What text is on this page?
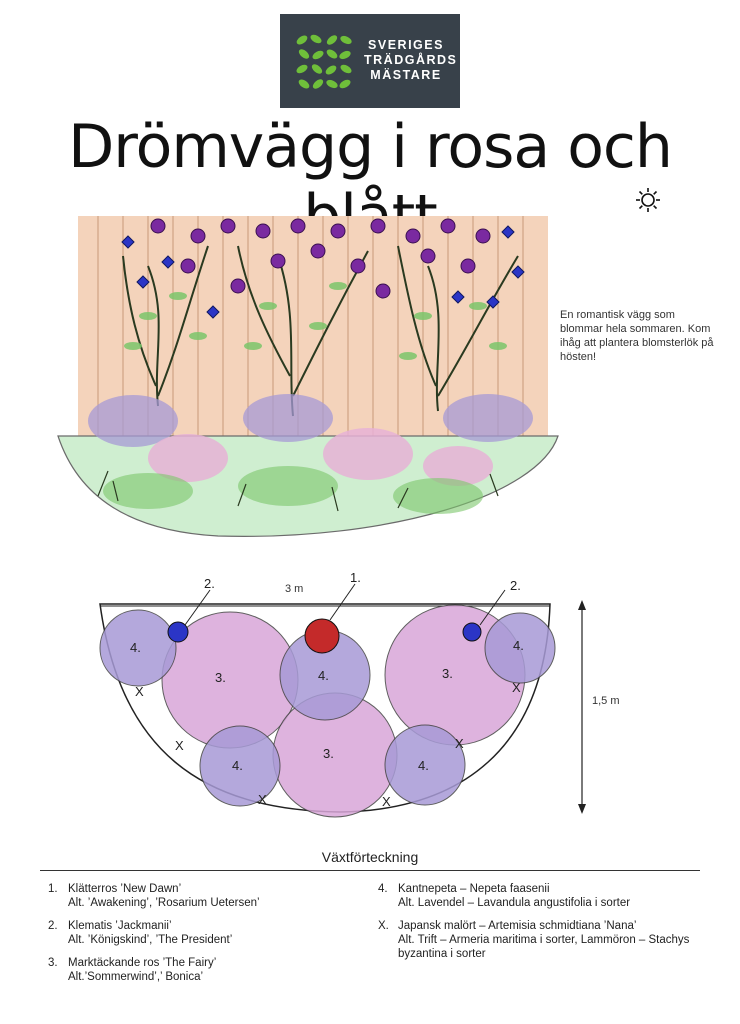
SVERIGES
TRÄDGÅRDS
MÄSTARE
Drömvägg i rosa och
En romantisk vägg som blommar hela sommaren. Kom ihåg att plantera blomsterlök på hösten!
3 m
1,5 m
2.	1.
2.
4.
3.	4.	3.
4.
4.
3.
4.
X
X
X	X
X
X
Växtförteckning
1. Klätterros ’New Dawn’
Alt. ’Awakening’, ’Rosarium Uetersen’
2. Klematis ’Jackmanii’
Alt. ’Königskind’, ’The President’
3. Marktäckande ros ’The Fairy’
Alt.’Sommerwind’,’ Bonica’
4. Kantnepeta – Nepeta faasenii
Alt. Lavendel – Lavandula angustifolia i sorter
X. Japansk malört – Artemisia schmidtiana ’Nana’
Alt. Trift – Armeria maritima i sorter, Lammöron – Stachys byzantina i sorter
